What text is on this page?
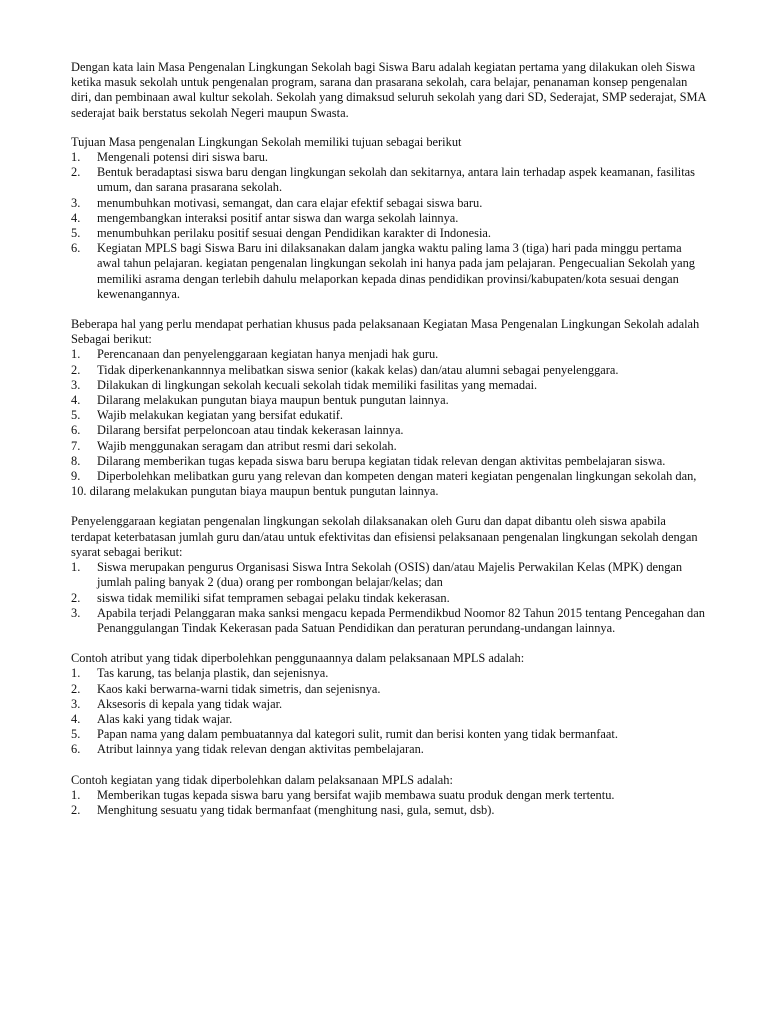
Dengan kata lain Masa Pengenalan Lingkungan Sekolah bagi Siswa Baru adalah kegiatan pertama yang dilakukan oleh Siswa ketika masuk sekolah untuk pengenalan program, sarana dan prasarana sekolah, cara belajar, penanaman konsep pengenalan diri, dan pembinaan awal kultur sekolah. Sekolah yang dimaksud seluruh sekolah yang dari SD, Sederajat, SMP sederajat, SMA sederajat baik berstatus sekolah Negeri maupun Swasta.

Tujuan Masa pengenalan Lingkungan Sekolah memiliki tujuan sebagai berikut

1. Mengenali potensi diri siswa baru.
2. Bentuk beradaptasi siswa baru dengan lingkungan sekolah dan sekitarnya, antara lain terhadap aspek keamanan, fasilitas umum, dan sarana prasarana sekolah.
3. menumbuhkan motivasi, semangat, dan cara elajar efektif sebagai siswa baru.
4. mengembangkan interaksi positif antar siswa dan warga sekolah lainnya.
5. menumbuhkan perilaku positif sesuai dengan Pendidikan karakter di Indonesia.
6. Kegiatan MPLS bagi Siswa Baru ini dilaksanakan dalam jangka waktu paling lama 3 (tiga) hari pada minggu pertama awal tahun pelajaran. kegiatan pengenalan lingkungan sekolah ini hanya pada jam pelajaran. Pengecualian Sekolah yang memiliki asrama dengan terlebih dahulu melaporkan kepada dinas pendidikan provinsi/kabupaten/kota sesuai dengan kewenangannya.

Beberapa hal yang perlu mendapat perhatian khusus pada pelaksanaan Kegiatan Masa Pengenalan Lingkungan Sekolah adalah Sebagai berikut:

1. Perencanaan dan penyelenggaraan kegiatan hanya menjadi hak guru.
2. Tidak diperkenankannnya melibatkan siswa senior (kakak kelas) dan/atau alumni sebagai penyelenggara.
3. Dilakukan di lingkungan sekolah kecuali sekolah tidak memiliki fasilitas yang memadai.
4. Dilarang melakukan pungutan biaya maupun bentuk pungutan lainnya.
5. Wajib melakukan kegiatan yang bersifat edukatif.
6. Dilarang bersifat perpeloncoan atau tindak kekerasan lainnya.
7. Wajib menggunakan seragam dan atribut resmi dari sekolah.
8. Dilarang memberikan tugas kepada siswa baru berupa kegiatan tidak relevan dengan aktivitas pembelajaran siswa.
9. Diperbolehkan melibatkan guru yang relevan dan kompeten dengan materi kegiatan pengenalan lingkungan sekolah dan,
10. dilarang melakukan pungutan biaya maupun bentuk pungutan lainnya.

Penyelenggaraan kegiatan pengenalan lingkungan sekolah dilaksanakan oleh Guru dan dapat dibantu oleh siswa apabila terdapat keterbatasan jumlah guru dan/atau untuk efektivitas dan efisiensi pelaksanaan pengenalan lingkungan sekolah dengan syarat sebagai berikut:

1. Siswa merupakan pengurus Organisasi Siswa Intra Sekolah (OSIS) dan/atau Majelis Perwakilan Kelas (MPK) dengan jumlah paling banyak 2 (dua) orang per rombongan belajar/kelas; dan
2. siswa tidak memiliki sifat tempramen sebagai pelaku tindak kekerasan.
3. Apabila terjadi Pelanggaran maka sanksi mengacu kepada Permendikbud Noomor 82 Tahun 2015 tentang Pencegahan dan Penanggulangan Tindak Kekerasan pada Satuan Pendidikan dan peraturan perundang-undangan lainnya.

Contoh atribut yang tidak diperbolehkan penggunaannya dalam pelaksanaan MPLS adalah:

1. Tas karung, tas belanja plastik, dan sejenisnya.
2. Kaos kaki berwarna-warni tidak simetris, dan sejenisnya.
3. Aksesoris di kepala yang tidak wajar.
4. Alas kaki yang tidak wajar.
5. Papan nama yang dalam pembuatannya dal kategori sulit, rumit dan berisi konten yang tidak bermanfaat.
6. Atribut lainnya yang tidak relevan dengan aktivitas pembelajaran.

Contoh kegiatan yang tidak diperbolehkan dalam pelaksanaan MPLS adalah:

1. Memberikan tugas kepada siswa baru yang bersifat wajib membawa suatu produk dengan merk tertentu.
2. Menghitung sesuatu yang tidak bermanfaat (menghitung nasi, gula, semut, dsb).
